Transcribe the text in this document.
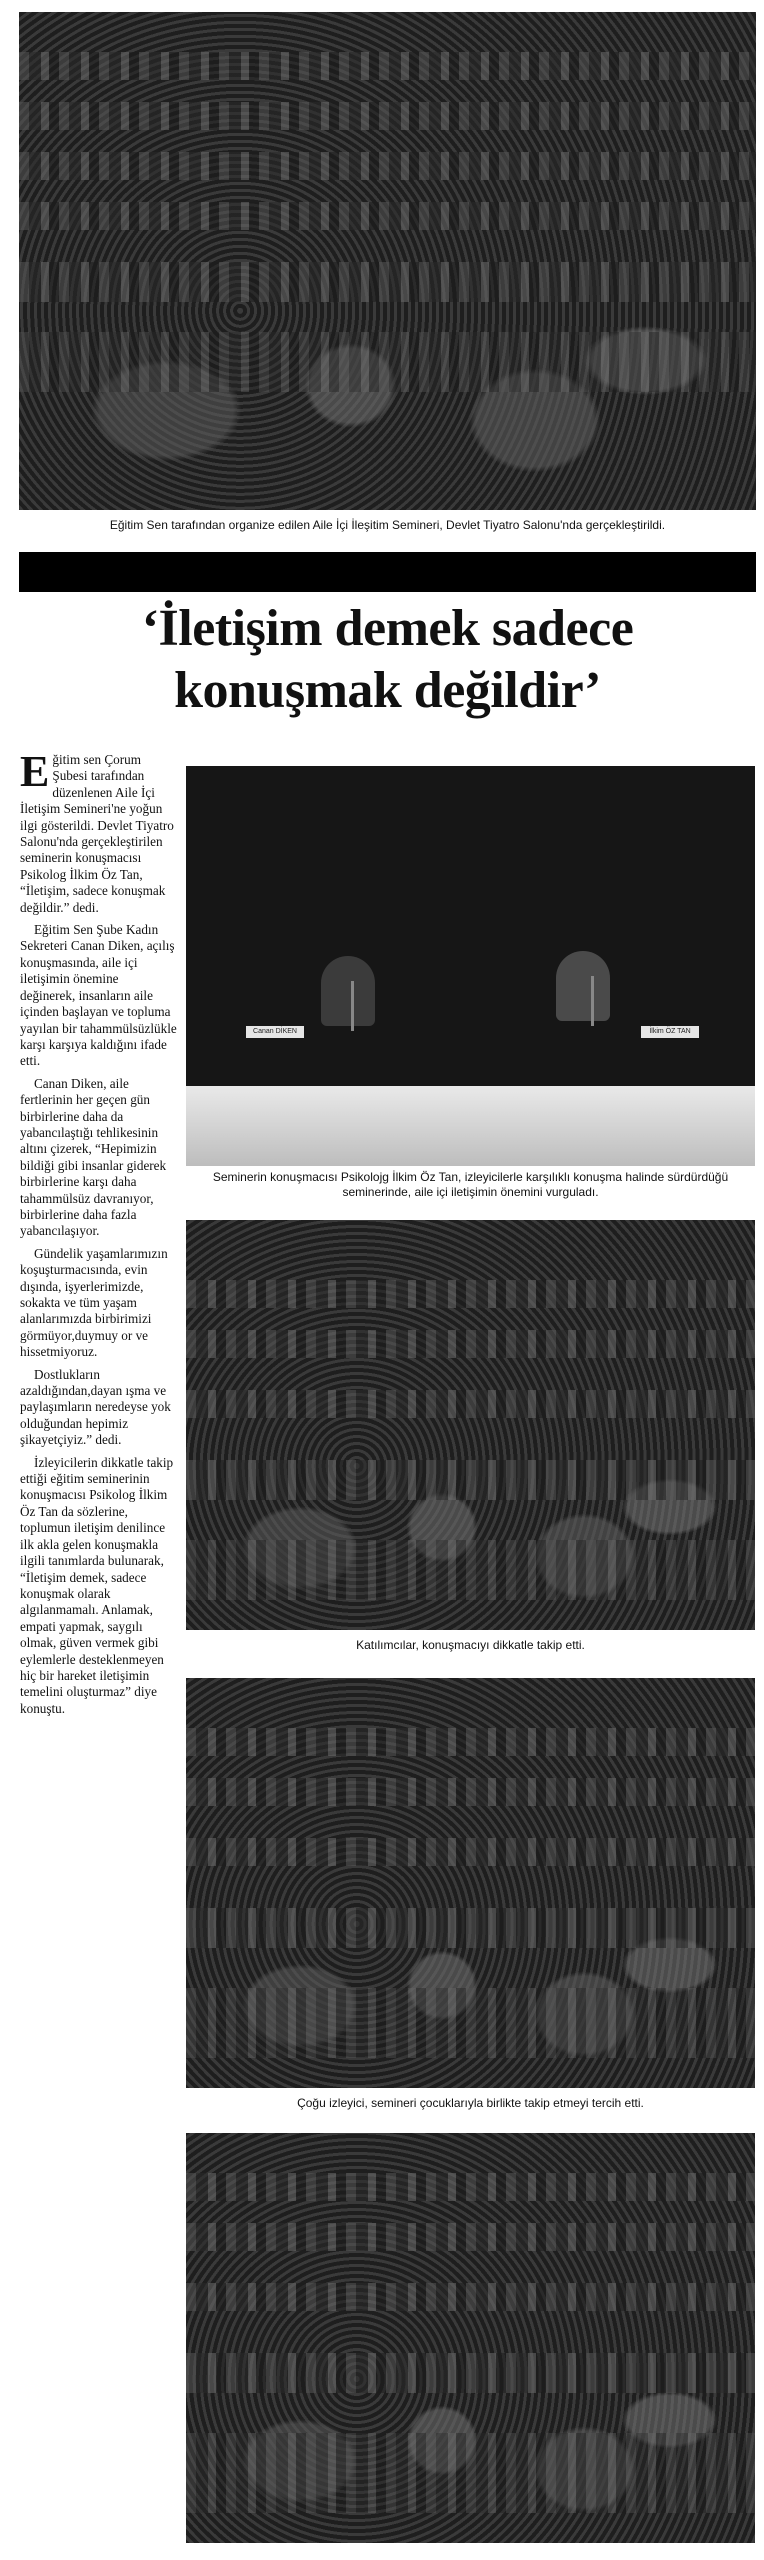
Eğitim Sen tarafından organize edilen Aile İçi İleşitim Semineri, Devlet Tiyatro Salonu'nda gerçekleştirildi.
‘İletişim demek sadece
konuşmak değildir’

Eğitim sen Çorum Şubesi tarafından düzenlenen Aile İçi İletişim Semineri'ne yoğun ilgi gösterildi. Devlet Tiyatro Salonu'nda gerçekleştirilen seminerin konuşmacısı Psikolog İlkim Öz Tan, “İletişim, sadece konuşmak değildir.” dedi.

Eğitim Sen Şube Kadın Sekreteri Canan Diken, açılış konuşmasında, aile içi iletişimin önemine değinerek, insanların aile içinden başlayan ve topluma yayılan bir tahammülsüzlükle karşı karşıya kaldığını ifade etti.

Canan Diken, aile fertlerinin her geçen gün birbirlerine daha da yabancılaştığı tehlikesinin altını çizerek, “Hepimizin bildiği gibi insanlar giderek birbirlerine karşı daha tahammülsüz davranıyor, birbirlerine daha fazla yabancılaşıyor.

Gündelik yaşamlarımızın koşuşturmacısında, evin dışında, işyerlerimizde, sokakta ve tüm yaşam alanlarımızda birbirimizi görmüyor,duymuy or ve hissetmiyoruz.

Dostlukların azaldığından,dayan ışma ve paylaşımların neredeyse yok olduğundan hepimiz şikayetçiyiz.” dedi.

İzleyicilerin dikkatle takip ettiği eğitim seminerinin konuşmacısı Psikolog İlkim Öz Tan da sözlerine, toplumun iletişim denilince ilk akla gelen konuşmakla ilgili tanımlarda bulunarak, “İletişim demek, sadece konuşmak olarak algılanmamalı. Anlamak, empati yapmak, saygılı olmak, güven vermek gibi eylemlerle desteklenmeyen hiç bir hareket iletişimin temelini oluşturmaz” diye konuştu.

Canan DİKEN	İlkim ÖZ TAN
Seminerin konuşmacısı Psikolojg İlkim Öz Tan, izleyicilerle karşılıklı konuşma halinde sürdürdüğü seminerinde, aile içi iletişimin önemini vurguladı.
Katılımcılar, konuşmacıyı dikkatle takip etti.
Çoğu izleyici, semineri çocuklarıyla birlikte takip etmeyi tercih etti.
